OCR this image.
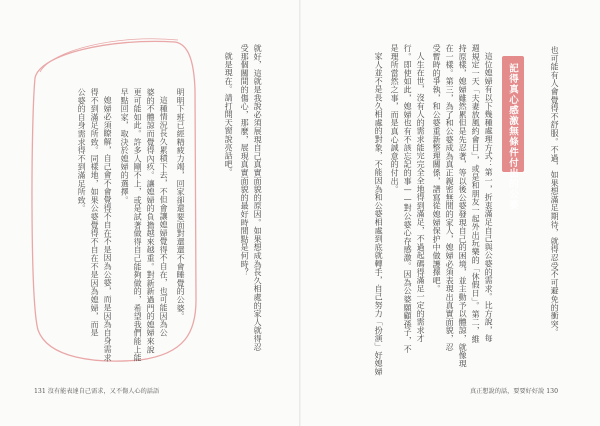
也可能有人會覺得不舒服。不過，如果想滿足期待，就得忍受不可避免的衝突。
記得真心感激無條件付出的公婆
這位媳婦有以下幾種處理方式：第一，折衷滿足自己與公婆的需求。比方說，每
週規定一天「夫妻放風約會日」，或是和朋友一起外出玩樂的「休假日」。第二，維
持原樣，媳婦雖然累但是先忍著，等以後公婆發現自己的困境，並主動予以體諒，就像現
在一樣。第三，為了和公婆成為真正親密無間的家人，媳婦必須表現出真實面貌，忍
受暫時的爭執，和公婆重新整理關係，譜寫從媳婦保护中做護擇吧。
人生在世，沒有人的需求能完完全全地得到滿足，不過起碼得滿足一定的需求才
行。即使如此，媳婦也有不該忘記的事——對公婆心存感激。因為公婆願顧孫子，不
是理所當然之事，而是真心誠意的付出。
家人並不是長久相處的對象，不能因為和公婆相處到底就轉手，自己努力「扮演」好媳婦
真正想說的話，要要好好說 130
就好，這就是我說必須展現自己真實面貌的原因。如果想成為長久相處的家人就得忍
受那個關間的傷心，那麼，展現真實面貌的最好時間點是何時？
就是現在。請打開天窗說亮話吧。
明明下班已經精疲力竭，回家卻還要面對還還不會睡覺的公婆。
這種情況長久累積下去，不但會讓媳婦覺得不自在，也可能因為公
婆的不體諒而覺得內疚。讓媳婦的負擔越來越重。對新新過門的媳婦來說
更可能如此。許多人剛不上，或是試著做得自己能夠做的，希望我們能上能
早點回家，取決於媳婦的選擇。
媳婦必須瞭解，自己會不會覺得不自在不是因為公婆，而是因為自身需求
得不到滿足所致。同樣地，如果公婆覺得不自在不是因為媳婦，而是
公婆的自身需求得不到滿足所致。
131 沒有能表達自己需求，又不傷人心的話語
